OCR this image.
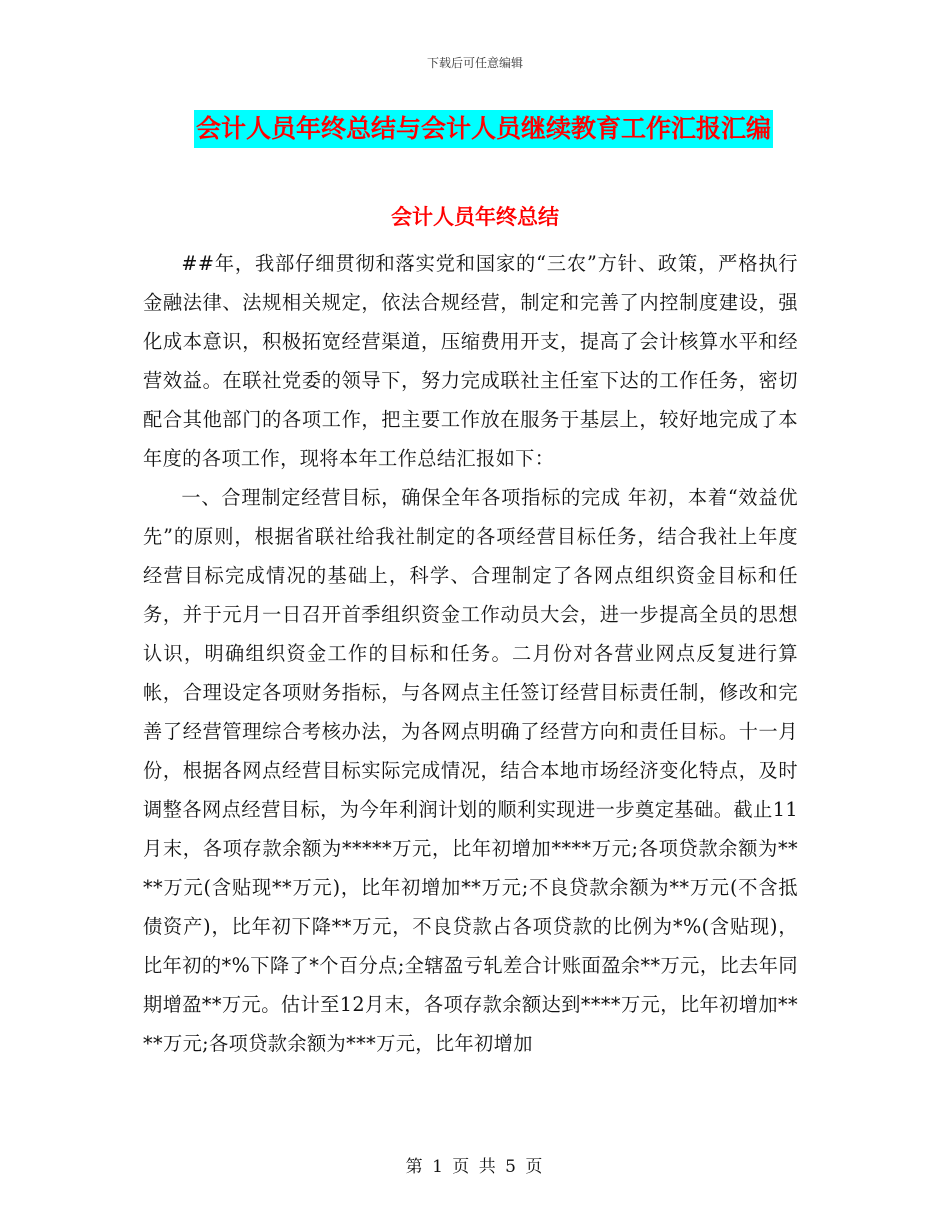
下载后可任意编辑
会计人员年终总结与会计人员继续教育工作汇报汇编
会计人员年终总结

##年，我部仔细贯彻和落实党和国家的“三农”方针、政策，严格执行金融法律、法规相关规定，依法合规经营，制定和完善了内控制度建设，强化成本意识，积极拓宽经营渠道，压缩费用开支，提高了会计核算水平和经营效益。在联社党委的领导下，努力完成联社主任室下达的工作任务，密切配合其他部门的各项工作，把主要工作放在服务于基层上，较好地完成了本年度的各项工作，现将本年工作总结汇报如下：

一、合理制定经营目标，确保全年各项指标的完成 年初，本着“效益优先”的原则，根据省联社给我社制定的各项经营目标任务，结合我社上年度经营目标完成情况的基础上，科学、合理制定了各网点组织资金目标和任务，并于元月一日召开首季组织资金工作动员大会，进一步提高全员的思想认识，明确组织资金工作的目标和任务。二月份对各营业网点反复进行算帐，合理设定各项财务指标，与各网点主任签订经营目标责任制，修改和完善了经营管理综合考核办法，为各网点明确了经营方向和责任目标。十一月份，根据各网点经营目标实际完成情况，结合本地市场经济变化特点，及时调整各网点经营目标，为今年利润计划的顺利实现进一步奠定基础。截止11月末，各项存款余额为*****万元，比年初增加****万元;各项贷款余额为****万元(含贴现**万元)，比年初增加**万元;不良贷款余额为**万元(不含抵债资产)，比年初下降**万元，不良贷款占各项贷款的比例为*%(含贴现)，比年初的*%下降了*个百分点;全辖盈亏轧差合计账面盈余**万元，比去年同期增盈**万元。估计至12月末，各项存款余额达到****万元，比年初增加****万元;各项贷款余额为***万元，比年初增加

第 1 页 共 5 页
